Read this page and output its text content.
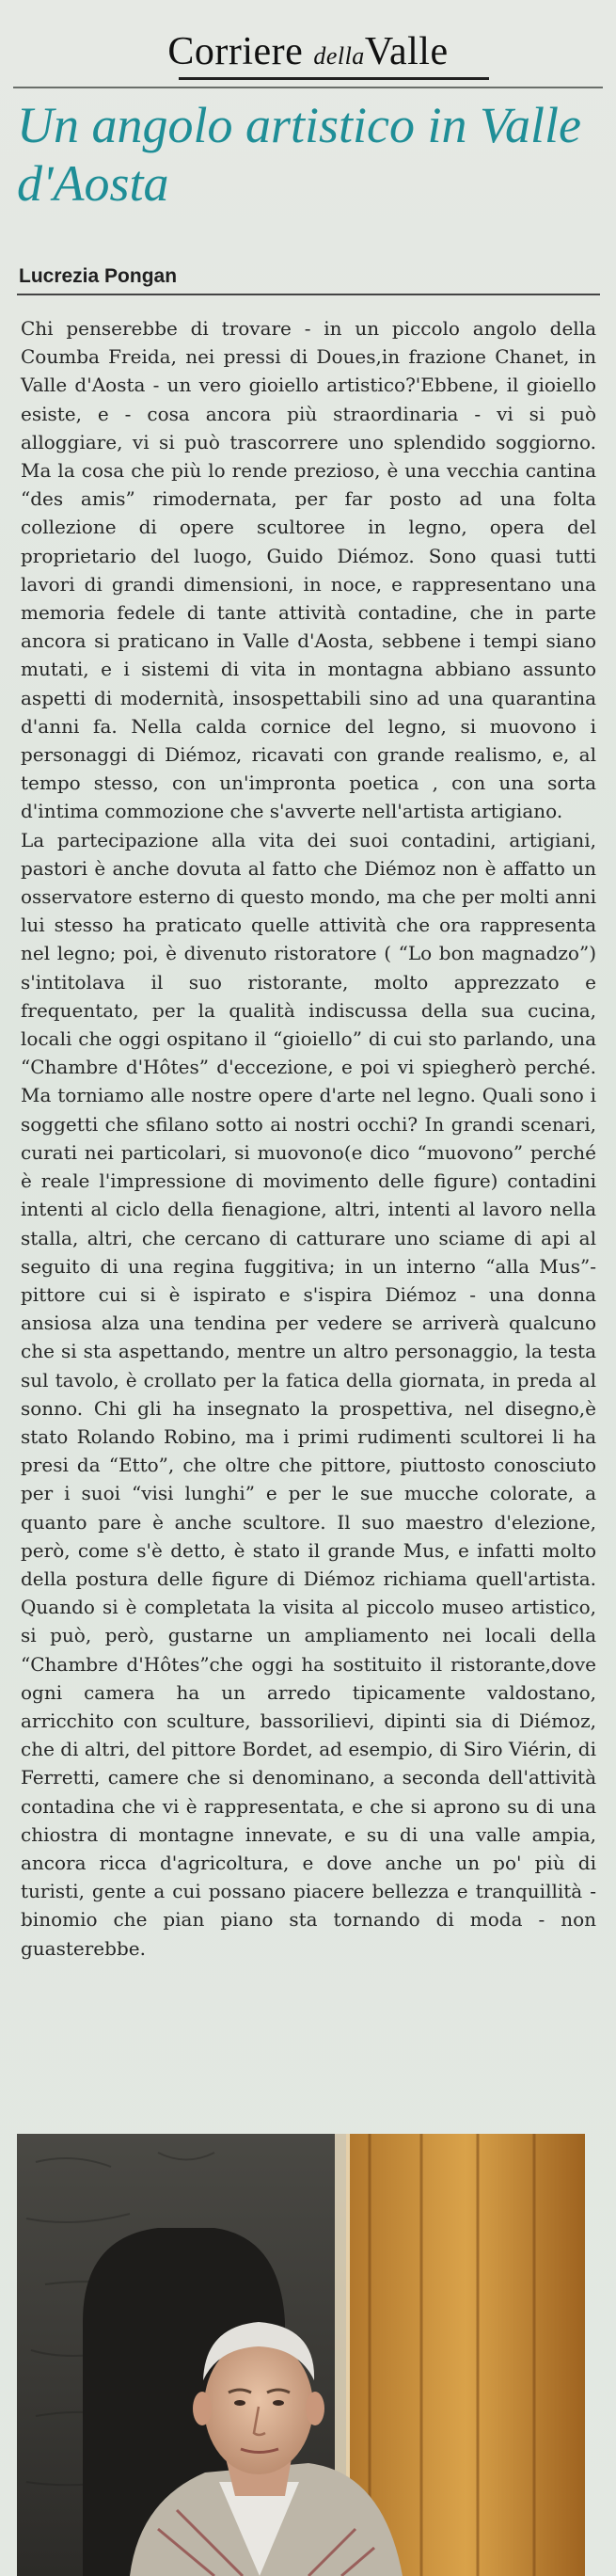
Corriere dellaValle
Un angolo artistico in Valle d'Aosta
Lucrezia Pongan

Chi penserebbe di trovare - in un piccolo angolo della Coumba Freida, nei pressi di Doues,in frazione Chanet, in Valle d'Aosta - un vero gioiello artistico?'Ebbene, il gioiello esiste, e - cosa ancora più straordinaria - vi si può alloggiare, vi si può trascorrere uno splendido soggiorno. Ma la cosa che più lo rende prezioso, è una vecchia cantina “des amis” rimodernata, per far posto ad una folta collezione di opere scultoree in legno, opera del proprietario del luogo, Guido Diémoz. Sono quasi tutti lavori di grandi dimensioni, in noce, e rappresentano una memoria fedele di tante attività contadine, che in parte ancora si praticano in Valle d'Aosta, sebbene i tempi siano mutati, e i sistemi di vita in montagna abbiano assunto aspetti di modernità, insospettabili sino ad una quarantina d'anni fa. Nella calda cornice del legno, si muovono i personaggi di Diémoz, ricavati con grande realismo, e, al tempo stesso, con un'impronta poetica , con una sorta d'intima commozione che s'avverte nell'artista artigiano.

La partecipazione alla vita dei suoi contadini, artigiani, pastori è anche dovuta al fatto che Diémoz non è affatto un osservatore esterno di questo mondo, ma che per molti anni lui stesso ha praticato quelle attività che ora rappresenta nel legno; poi, è divenuto ristoratore ( “Lo bon magnadzo”) s'intitolava il suo ristorante, molto apprezzato e frequentato, per la qualità indiscussa della sua cucina, locali che oggi ospitano il “gioiello” di cui sto parlando, una “Chambre d'Hôtes” d'eccezione, e poi vi spiegherò perché. Ma torniamo alle nostre opere d'arte nel legno. Quali sono i soggetti che sfilano sotto ai nostri occhi? In grandi scenari, curati nei particolari, si muovono(e dico “muovono” perché è reale l'impressione di movimento delle figure) contadini intenti al ciclo della fienagione, altri, intenti al lavoro nella stalla, altri, che cercano di catturare uno sciame di api al seguito di una regina fuggitiva; in un interno “alla Mus”- pittore cui si è ispirato e s'ispira Diémoz - una donna ansiosa alza una tendina per vedere se arriverà qualcuno che si sta aspettando, mentre un altro personaggio, la testa sul tavolo, è crollato per la fatica della giornata, in preda al sonno. Chi gli ha insegnato la prospettiva, nel disegno,è stato Rolando Robino, ma i primi rudimenti scultorei li ha presi da “Etto”, che oltre che pittore, piuttosto conosciuto per i suoi “visi lunghi” e per le sue mucche colorate, a quanto pare è anche scultore. Il suo maestro d'elezione, però, come s'è detto, è stato il grande Mus, e infatti molto della postura delle figure di Diémoz richiama quell'artista. Quando si è completata la visita al piccolo museo artistico, si può, però, gustarne un ampliamento nei locali della “Chambre d'Hôtes”che oggi ha sostituito il ristorante,dove ogni camera ha un arredo tipicamente valdostano, arricchito con sculture, bassorilievi, dipinti sia di Diémoz, che di altri, del pittore Bordet, ad esempio, di Siro Viérin, di Ferretti, camere che si denominano, a seconda dell'attività contadina che vi è rappresentata, e che si aprono su di una chiostra di montagne innevate, e su di una valle ampia, ancora ricca d'agricoltura, e dove anche un po' più di turisti, gente a cui possano piacere bellezza e tranquillità - binomio che pian piano sta tornando di moda - non guasterebbe.
